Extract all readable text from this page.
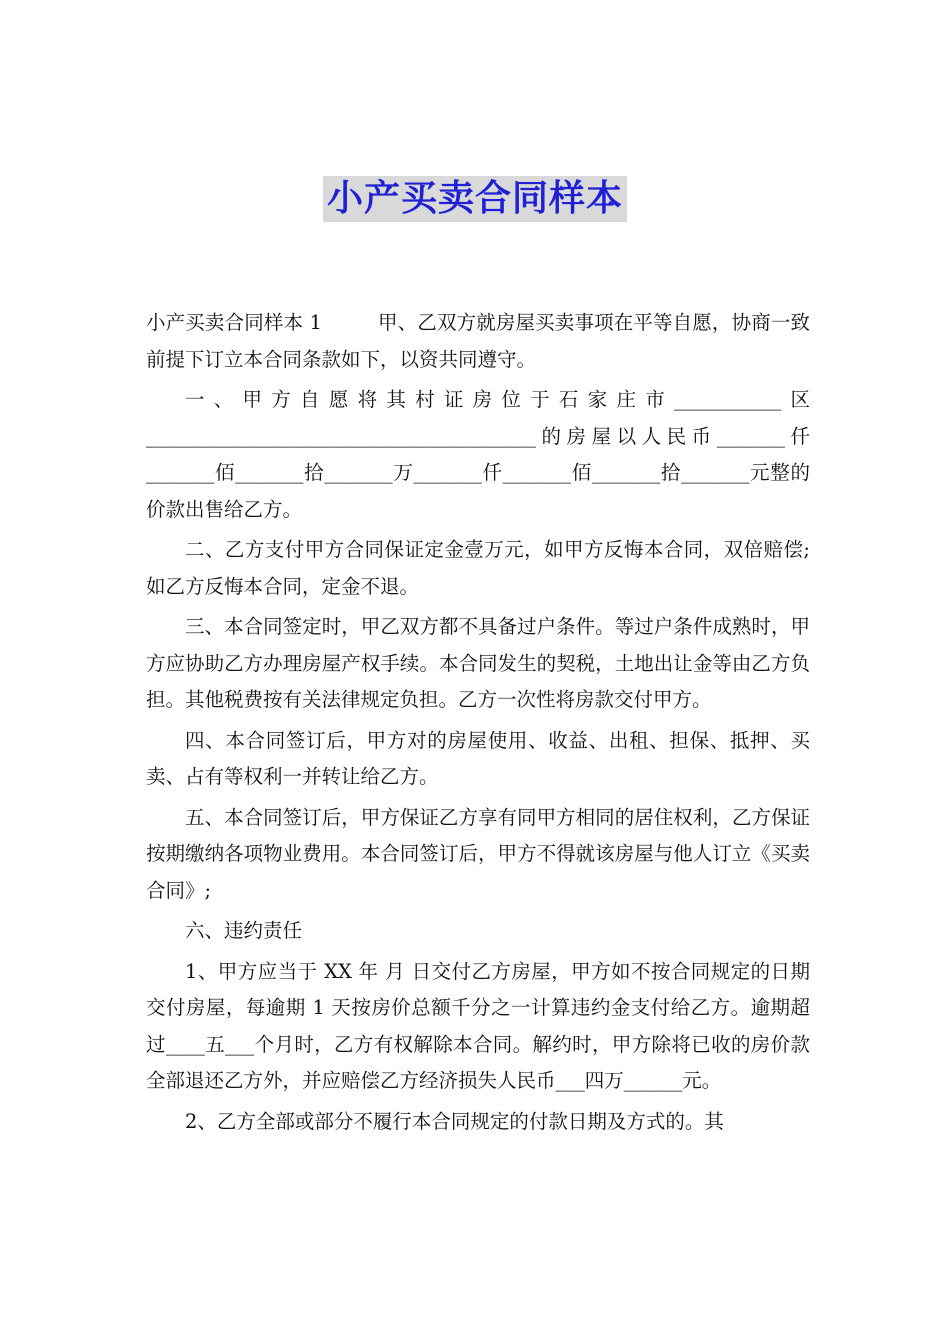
小产买卖合同样本

小产买卖合同样本 1	甲、乙双方就房屋买卖事项在平等自愿，协商一致前提下订立本合同条款如下，以资共同遵守。

一、甲方自愿将其村证房位于石家庄市___________区________________________________________的房屋以人民币_______仟_______佰_______拾_______万_______仟_______佰_______拾_______元整的价款出售给乙方。

二、乙方支付甲方合同保证定金壹万元，如甲方反悔本合同，双倍赔偿;如乙方反悔本合同，定金不退。

三、本合同签定时，甲乙双方都不具备过户条件。等过户条件成熟时，甲方应协助乙方办理房屋产权手续。本合同发生的契税，土地出让金等由乙方负担。其他税费按有关法律规定负担。乙方一次性将房款交付甲方。

四、本合同签订后，甲方对的房屋使用、收益、出租、担保、抵押、买卖、占有等权利一并转让给乙方。

五、本合同签订后，甲方保证乙方享有同甲方相同的居住权利，乙方保证按期缴纳各项物业费用。本合同签订后，甲方不得就该房屋与他人订立《买卖合同》;

六、违约责任

1、甲方应当于 XX 年 月 日交付乙方房屋，甲方如不按合同规定的日期交付房屋，每逾期 1 天按房价总额千分之一计算违约金支付给乙方。逾期超过____五___个月时，乙方有权解除本合同。解约时，甲方除将已收的房价款全部退还乙方外，并应赔偿乙方经济损失人民币___四万______元。

2、乙方全部或部分不履行本合同规定的付款日期及方式的。其
